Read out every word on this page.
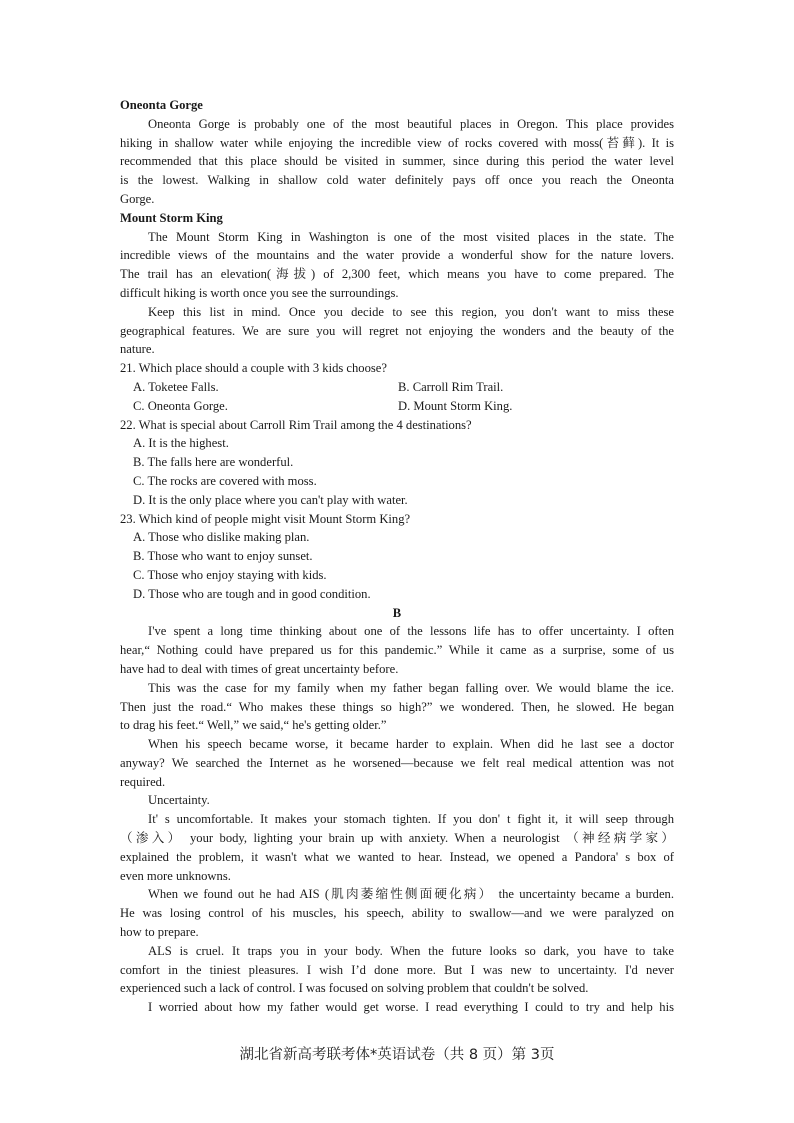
Oneonta Gorge
Oneonta Gorge is probably one of the most beautiful places in Oregon. This place provides
hiking in shallow water while enjoying the incredible view of rocks covered with moss(苔藓). It is
recommended that this place should be visited in summer, since during this period the water level
is the lowest. Walking in shallow cold water definitely pays off once you reach the Oneonta
Gorge.
Mount Storm King
The Mount Storm King in Washington is one of the most visited places in the state. The
incredible views of the mountains and the water provide a wonderful show for the nature lovers.
The trail has an elevation(海拔) of 2,300 feet, which means you have to come prepared. The
difficult hiking is worth once you see the surroundings.
Keep this list in mind. Once you decide to see this region, you don't want to miss these
geographical features. We are sure you will regret not enjoying the wonders and the beauty of the
nature.
21. Which place should a couple with 3 kids choose?
A. Toketee Falls.	B. Carroll Rim Trail.
C. Oneonta Gorge.	D. Mount Storm King.
22. What is special about Carroll Rim Trail among the 4 destinations?
A. It is the highest.
B. The falls here are wonderful.
C. The rocks are covered with moss.
D. It is the only place where you can't play with water.
23. Which kind of people might visit Mount Storm King?
A. Those who dislike making plan.
B. Those who want to enjoy sunset.
C. Those who enjoy staying with kids.
D. Those who are tough and in good condition.
B
I've spent a long time thinking about one of the lessons life has to offer uncertainty. I often
hear,“ Nothing could have prepared us for this pandemic.” While it came as a surprise, some of us
have had to deal with times of great uncertainty before.
This was the case for my family when my father began falling over. We would blame the ice.
Then just the road.“ Who makes these things so high?” we wondered. Then, he slowed. He began
to drag his feet.“ Well,” we said,“ he's getting older.”
When his speech became worse, it became harder to explain. When did he last see a doctor
anyway? We searched the Internet as he worsened—because we felt real medical attention was not
required.
Uncertainty.
It' s uncomfortable. It makes your stomach tighten. If you don' t fight it, it will seep through
（渗入） your body, lighting your brain up with anxiety. When a neurologist （神经病学家）
explained the problem, it wasn't what we wanted to hear. Instead, we opened a Pandora' s box of
even more unknowns.
When we found out he had AIS (肌肉萎缩性侧面硬化病） the uncertainty became a burden.
He was losing control of his muscles, his speech, ability to swallow—and we were paralyzed on
how to prepare.
ALS is cruel. It traps you in your body. When the future looks so dark, you have to take
comfort in the tiniest pleasures. I wish I’d done more. But I was new to uncertainty. I'd never
experienced such a lack of control. I was focused on solving problem that couldn't be solved.
I worried about how my father would get worse. I read everything I could to try and help his
湖北省新高考联考体*英语试卷（共 8 页）第 3页
